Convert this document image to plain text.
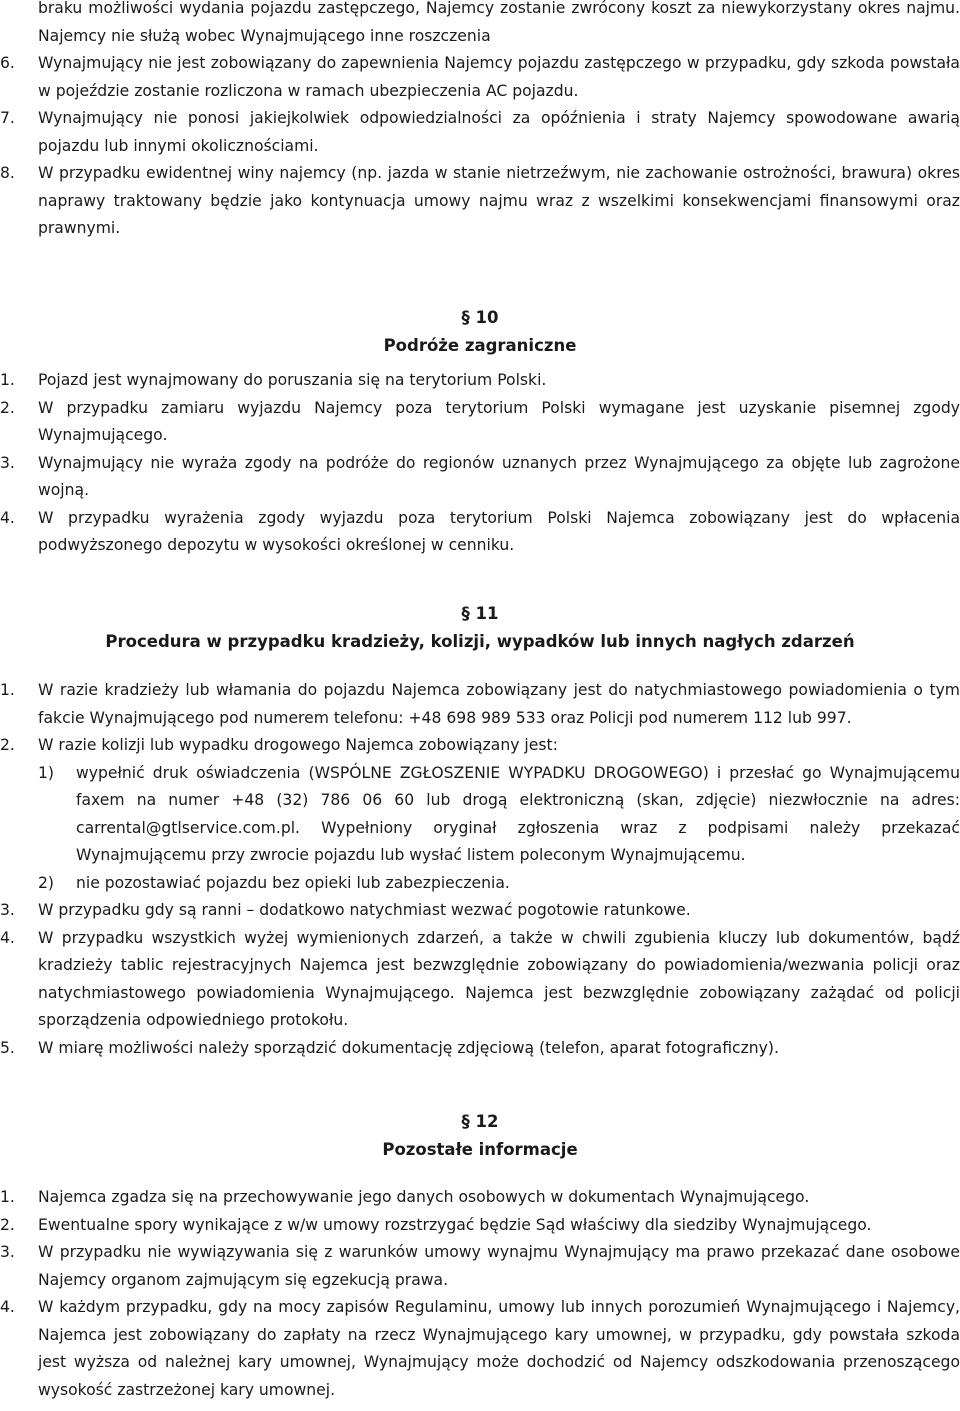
braku możliwości wydania pojazdu zastępczego, Najemcy zostanie zwrócony koszt za niewykorzystany okres najmu. Najemcy nie służą wobec Wynajmującego inne roszczenia

6. Wynajmujący nie jest zobowiązany do zapewnienia Najemcy pojazdu zastępczego w przypadku, gdy szkoda powstała w pojeździe zostanie rozliczona w ramach ubezpieczenia AC pojazdu.

7. Wynajmujący nie ponosi jakiejkolwiek odpowiedzialności za opóźnienia i straty Najemcy spowodowane awarią pojazdu lub innymi okolicznościami.

8. W przypadku ewidentnej winy najemcy (np. jazda w stanie nietrzeźwym, nie zachowanie ostrożności, brawura) okres naprawy traktowany będzie jako kontynuacja umowy najmu wraz z wszelkimi konsekwencjami finansowymi oraz prawnymi.

§ 10

Podróże zagraniczne

1. Pojazd jest wynajmowany do poruszania się na terytorium Polski.

2. W przypadku zamiaru wyjazdu Najemcy poza terytorium Polski wymagane jest uzyskanie pisemnej zgody Wynajmującego.

3. Wynajmujący nie wyraża zgody na podróże do regionów uznanych przez Wynajmującego za objęte lub zagrożone wojną.

4. W przypadku wyrażenia zgody wyjazdu poza terytorium Polski Najemca zobowiązany jest do wpłacenia podwyższonego depozytu w wysokości określonej w cenniku.

§ 11

Procedura w przypadku kradzieży, kolizji, wypadków lub innych nagłych zdarzeń

1. W razie kradzieży lub włamania do pojazdu Najemca zobowiązany jest do natychmiastowego powiadomienia o tym fakcie Wynajmującego pod numerem telefonu: +48 698 989 533 oraz Policji pod numerem 112 lub 997.

2. W razie kolizji lub wypadku drogowego Najemca zobowiązany jest:

1) wypełnić druk oświadczenia (WSPÓLNE ZGŁOSZENIE WYPADKU DROGOWEGO) i przesłać go Wynajmującemu faxem na numer +48 (32) 786 06 60 lub drogą elektroniczną (skan, zdjęcie) niezwłocznie na adres: carrental@gtlservice.com.pl. Wypełniony oryginał zgłoszenia wraz z podpisami należy przekazać Wynajmującemu przy zwrocie pojazdu lub wysłać listem poleconym Wynajmującemu.

2) nie pozostawiać pojazdu bez opieki lub zabezpieczenia.

3. W przypadku gdy są ranni – dodatkowo natychmiast wezwać pogotowie ratunkowe.

4. W przypadku wszystkich wyżej wymienionych zdarzeń, a także w chwili zgubienia kluczy lub dokumentów, bądź kradzieży tablic rejestracyjnych Najemca jest bezwzględnie zobowiązany do powiadomienia/wezwania policji oraz natychmiastowego powiadomienia Wynajmującego. Najemca jest bezwzględnie zobowiązany zażądać od policji sporządzenia odpowiedniego protokołu.

5. W miarę możliwości należy sporządzić dokumentację zdjęciową (telefon, aparat fotograficzny).

§ 12

Pozostałe informacje

1. Najemca zgadza się na przechowywanie jego danych osobowych w dokumentach Wynajmującego.

2. Ewentualne spory wynikające z w/w umowy rozstrzygać będzie Sąd właściwy dla siedziby Wynajmującego.

3. W przypadku nie wywiązywania się z warunków umowy wynajmu Wynajmujący ma prawo przekazać dane osobowe Najemcy organom zajmującym się egzekucją prawa.

4. W każdym przypadku, gdy na mocy zapisów Regulaminu, umowy lub innych porozumień Wynajmującego i Najemcy, Najemca jest zobowiązany do zapłaty na rzecz Wynajmującego kary umownej, w przypadku, gdy powstała szkoda jest wyższa od należnej kary umownej, Wynajmujący może dochodzić od Najemcy odszkodowania przenoszącego wysokość zastrzeżonej kary umownej.
